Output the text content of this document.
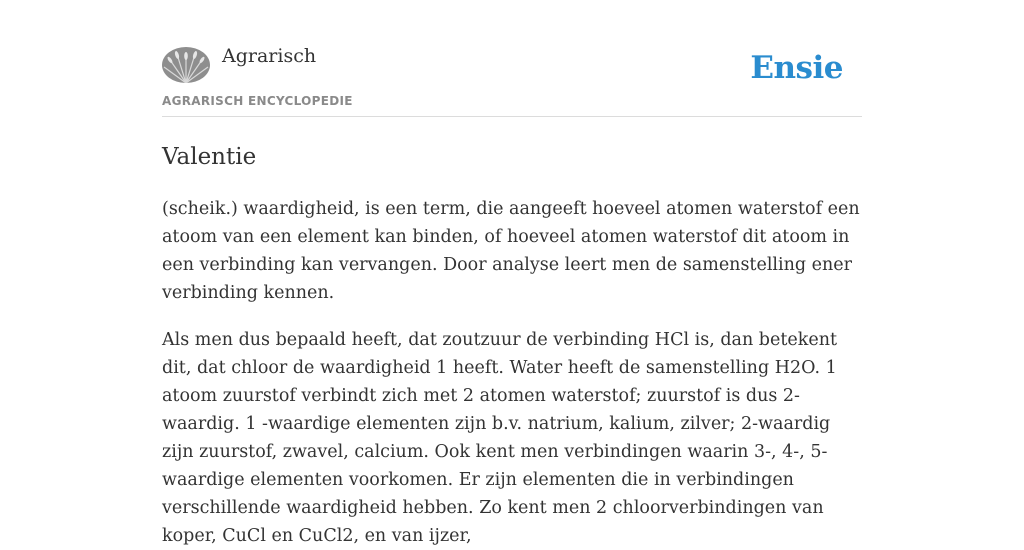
Agrarisch
AGRARISCH ENCYCLOPEDIE
Ensie
Valentie

(scheik.) waardigheid, is een term, die aangeeft hoeveel atomen waterstof een atoom van een element kan binden, of hoeveel atomen waterstof dit atoom in een verbinding kan vervangen. Door analyse leert men de samenstelling ener verbinding kennen.

Als men dus bepaald heeft, dat zoutzuur de verbinding HCl is, dan betekent dit, dat chloor de waardigheid 1 heeft. Water heeft de samenstelling H2O. 1 atoom zuurstof verbindt zich met 2 atomen waterstof; zuurstof is dus 2-waardig. 1 -waardige elementen zijn b.v. natrium, kalium, zilver; 2-waardig zijn zuurstof, zwavel, calcium. Ook kent men verbindingen waarin 3-, 4-, 5-waardige elementen voorkomen. Er zijn elementen die in verbindingen verschillende waardigheid hebben. Zo kent men 2 chloorverbindingen van koper, CuCl en CuCl2, en van ijzer,
